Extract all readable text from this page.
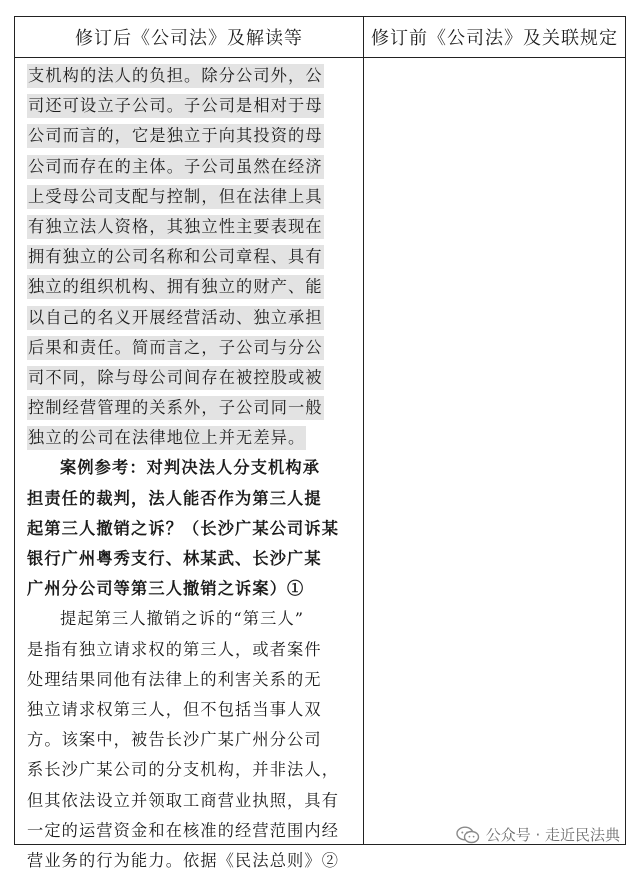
修订后《公司法》及解读等	修订前《公司法》及关联规定
支机构的法人的负担。除分公司外，公
司还可设立子公司。子公司是相对于母
公司而言的，它是独立于向其投资的母
公司而存在的主体。子公司虽然在经济
上受母公司支配与控制，但在法律上具
有独立法人资格，其独立性主要表现在
拥有独立的公司名称和公司章程、具有
独立的组织机构、拥有独立的财产、能
以自己的名义开展经营活动、独立承担
后果和责任。简而言之，子公司与分公
司不同，除与母公司间存在被控股或被
控制经营管理的关系外，子公司同一般
独立的公司在法律地位上并无差异。
案例参考：对判决法人分支机构承
担责任的裁判，法人能否作为第三人提
起第三人撤销之诉？（长沙广某公司诉某
银行广州粤秀支行、林某武、长沙广某
广州分公司等第三人撤销之诉案）①
提起第三人撤销之诉的“第三人”
是指有独立请求权的第三人，或者案件
处理结果同他有法律上的利害关系的无
独立请求权第三人，但不包括当事人双
方。该案中，被告长沙广某广州分公司
系长沙广某公司的分支机构，并非法人，
但其依法设立并领取工商营业执照，具有
一定的运营资金和在核准的经营范围内经
营业务的行为能力。依据《民法总则》②
公众号 · 走近民法典
